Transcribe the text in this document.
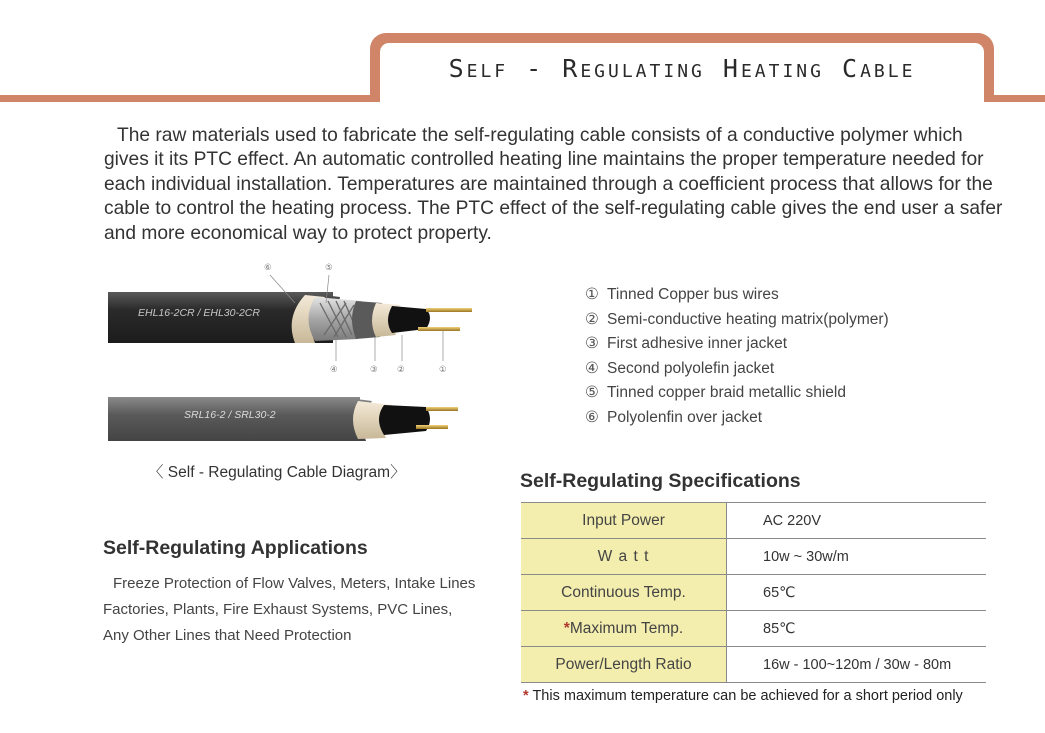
Self - Regulating Heating Cable

The raw materials used to fabricate the self-regulating cable consists of a conductive polymer which gives it its PTC effect. An automatic controlled heating line maintains the proper temperature needed for each individual installation. Temperatures are maintained through a coefficient process that allows for the cable to control the heating process. The PTC effect of the self-regulating cable gives the end user a safer and more economical way to protect property.

EHL16-2CR / EHL30-2CR
SRL16-2 / SRL30-2
⑥	⑤
④	③ ②	①
〈 Self - Regulating Cable Diagram〉
① Tinned Copper bus wires
② Semi-conductive heating matrix(polymer)
③ First adhesive inner jacket
④ Second polyolefin jacket
⑤ Tinned copper braid metallic shield
⑥ Polyolenfin over jacket
Self-Regulating Applications
Freeze Protection of Flow Valves, Meters, Intake Lines
Factories, Plants, Fire Exhaust Systems, PVC Lines,
Any Other Lines that Need Protection
Self-Regulating Specifications
Input Power	AC 220V
W a t t	10w ~ 30w/m
Continuous Temp.	65℃
*Maximum Temp.	85℃
Power/Length Ratio	16w - 100~120m / 30w - 80m
* This maximum temperature can be achieved for a short period only
